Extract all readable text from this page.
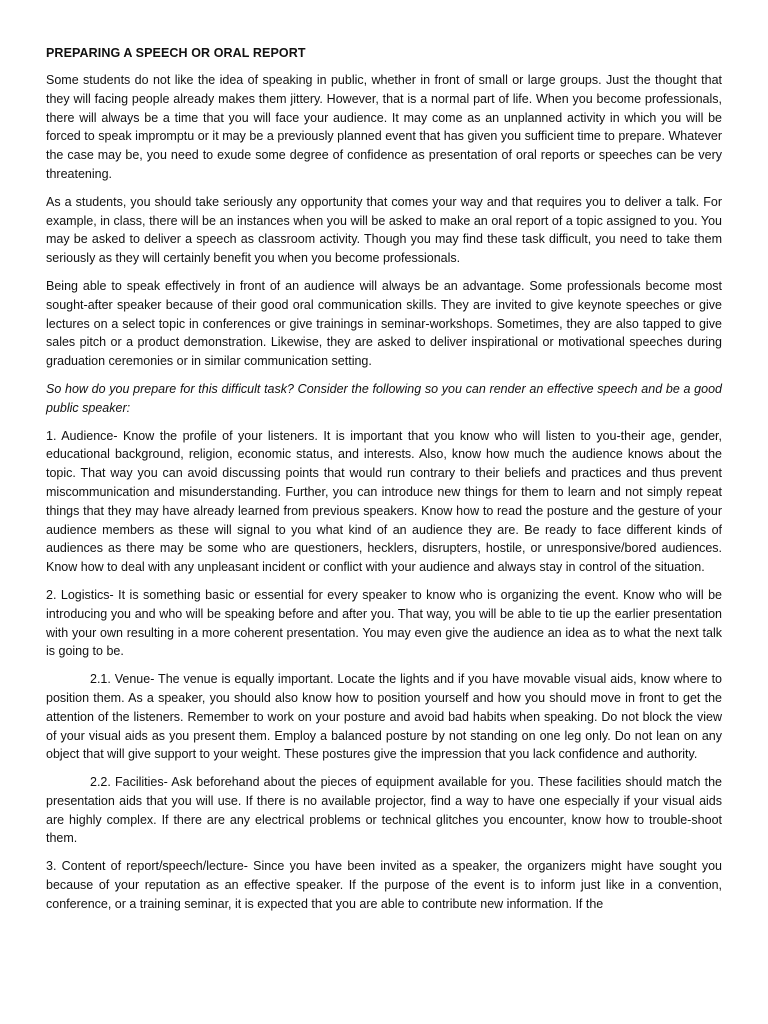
PREPARING A SPEECH OR ORAL REPORT

Some students do not like the idea of speaking in public, whether in front of small or large groups. Just the thought that they will facing people already makes them jittery. However, that is a normal part of life. When you become professionals, there will always be a time that you will face your audience. It may come as an unplanned activity in which you will be forced to speak impromptu or it may be a previously planned event that has given you sufficient time to prepare. Whatever the case may be, you need to exude some degree of confidence as presentation of oral reports or speeches can be very threatening.

As a students, you should take seriously any opportunity that comes your way and that requires you to deliver a talk. For example, in class, there will be an instances when you will be asked to make an oral report of a topic assigned to you. You may be asked to deliver a speech as classroom activity. Though you may find these task difficult, you need to take them seriously as they will certainly benefit you when you become professionals.

Being able to speak effectively in front of an audience will always be an advantage. Some professionals become most sought-after speaker because of their good oral communication skills. They are invited to give keynote speeches or give lectures on a select topic in conferences or give trainings in seminar-workshops. Sometimes, they are also tapped to give sales pitch or a product demonstration. Likewise, they are asked to deliver inspirational or motivational speeches during graduation ceremonies or in similar communication setting.

So how do you prepare for this difficult task? Consider the following so you can render an effective speech and be a good public speaker:

1. Audience- Know the profile of your listeners. It is important that you know who will listen to you-their age, gender, educational background, religion, economic status, and interests. Also, know how much the audience knows about the topic. That way you can avoid discussing points that would run contrary to their beliefs and practices and thus prevent miscommunication and misunderstanding. Further, you can introduce new things for them to learn and not simply repeat things that they may have already learned from previous speakers. Know how to read the posture and the gesture of your audience members as these will signal to you what kind of an audience they are. Be ready to face different kinds of audiences as there may be some who are questioners, hecklers, disrupters, hostile, or unresponsive/bored audiences. Know how to deal with any unpleasant incident or conflict with your audience and always stay in control of the situation.

2. Logistics- It is something basic or essential for every speaker to know who is organizing the event. Know who will be introducing you and who will be speaking before and after you. That way, you will be able to tie up the earlier presentation with your own resulting in a more coherent presentation. You may even give the audience an idea as to what the next talk is going to be.

2.1. Venue- The venue is equally important. Locate the lights and if you have movable visual aids, know where to position them. As a speaker, you should also know how to position yourself and how you should move in front to get the attention of the listeners. Remember to work on your posture and avoid bad habits when speaking. Do not block the view of your visual aids as you present them. Employ a balanced posture by not standing on one leg only. Do not lean on any object that will give support to your weight. These postures give the impression that you lack confidence and authority.

2.2. Facilities- Ask beforehand about the pieces of equipment available for you. These facilities should match the presentation aids that you will use. If there is no available projector, find a way to have one especially if your visual aids are highly complex. If there are any electrical problems or technical glitches you encounter, know how to trouble-shoot them.

3. Content of report/speech/lecture- Since you have been invited as a speaker, the organizers might have sought you because of your reputation as an effective speaker. If the purpose of the event is to inform just like in a convention, conference, or a training seminar, it is expected that you are able to contribute new information. If the
